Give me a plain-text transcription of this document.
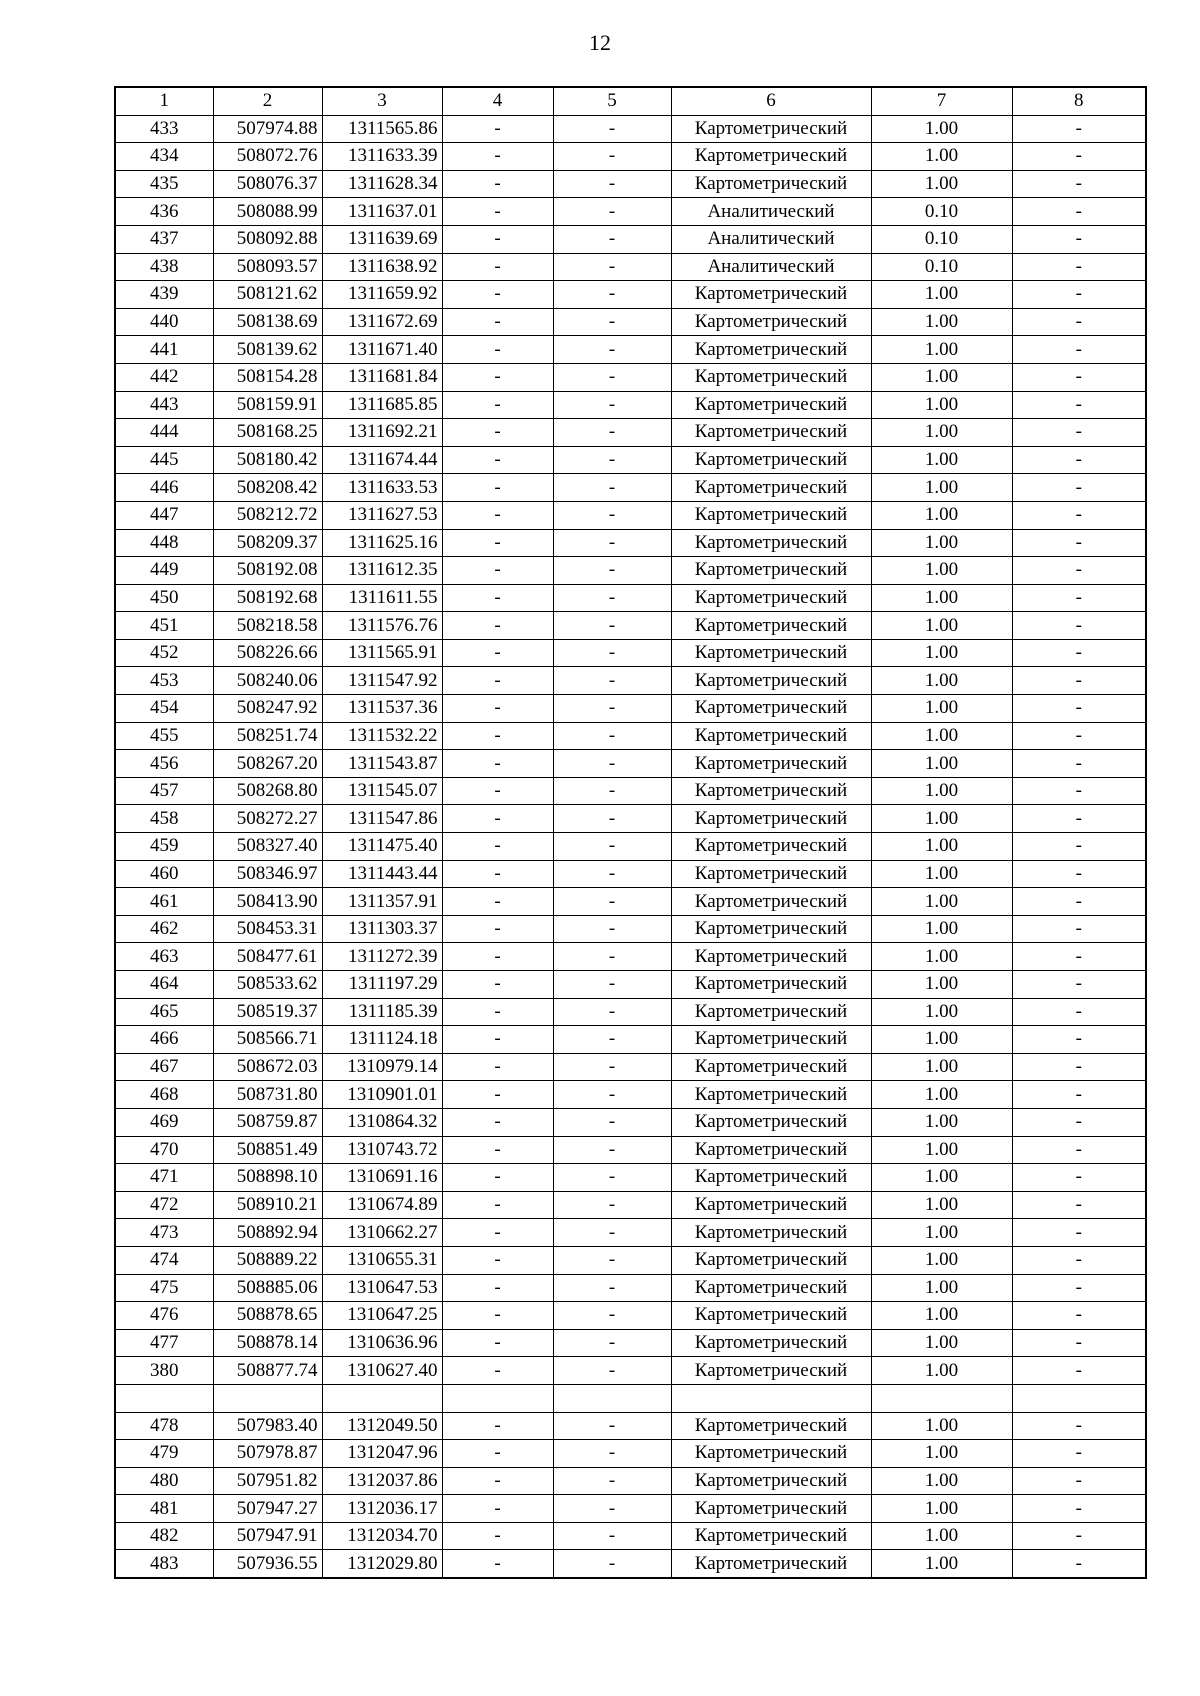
12
1	2	3	4	5	6	7	8
433	507974.88	1311565.86	-	-	Картометрический	1.00	-
434	508072.76	1311633.39	-	-	Картометрический	1.00	-
435	508076.37	1311628.34	-	-	Картометрический	1.00	-
436	508088.99	1311637.01	-	-	Аналитический	0.10	-
437	508092.88	1311639.69	-	-	Аналитический	0.10	-
438	508093.57	1311638.92	-	-	Аналитический	0.10	-
439	508121.62	1311659.92	-	-	Картометрический	1.00	-
440	508138.69	1311672.69	-	-	Картометрический	1.00	-
441	508139.62	1311671.40	-	-	Картометрический	1.00	-
442	508154.28	1311681.84	-	-	Картометрический	1.00	-
443	508159.91	1311685.85	-	-	Картометрический	1.00	-
444	508168.25	1311692.21	-	-	Картометрический	1.00	-
445	508180.42	1311674.44	-	-	Картометрический	1.00	-
446	508208.42	1311633.53	-	-	Картометрический	1.00	-
447	508212.72	1311627.53	-	-	Картометрический	1.00	-
448	508209.37	1311625.16	-	-	Картометрический	1.00	-
449	508192.08	1311612.35	-	-	Картометрический	1.00	-
450	508192.68	1311611.55	-	-	Картометрический	1.00	-
451	508218.58	1311576.76	-	-	Картометрический	1.00	-
452	508226.66	1311565.91	-	-	Картометрический	1.00	-
453	508240.06	1311547.92	-	-	Картометрический	1.00	-
454	508247.92	1311537.36	-	-	Картометрический	1.00	-
455	508251.74	1311532.22	-	-	Картометрический	1.00	-
456	508267.20	1311543.87	-	-	Картометрический	1.00	-
457	508268.80	1311545.07	-	-	Картометрический	1.00	-
458	508272.27	1311547.86	-	-	Картометрический	1.00	-
459	508327.40	1311475.40	-	-	Картометрический	1.00	-
460	508346.97	1311443.44	-	-	Картометрический	1.00	-
461	508413.90	1311357.91	-	-	Картометрический	1.00	-
462	508453.31	1311303.37	-	-	Картометрический	1.00	-
463	508477.61	1311272.39	-	-	Картометрический	1.00	-
464	508533.62	1311197.29	-	-	Картометрический	1.00	-
465	508519.37	1311185.39	-	-	Картометрический	1.00	-
466	508566.71	1311124.18	-	-	Картометрический	1.00	-
467	508672.03	1310979.14	-	-	Картометрический	1.00	-
468	508731.80	1310901.01	-	-	Картометрический	1.00	-
469	508759.87	1310864.32	-	-	Картометрический	1.00	-
470	508851.49	1310743.72	-	-	Картометрический	1.00	-
471	508898.10	1310691.16	-	-	Картометрический	1.00	-
472	508910.21	1310674.89	-	-	Картометрический	1.00	-
473	508892.94	1310662.27	-	-	Картометрический	1.00	-
474	508889.22	1310655.31	-	-	Картометрический	1.00	-
475	508885.06	1310647.53	-	-	Картометрический	1.00	-
476	508878.65	1310647.25	-	-	Картометрический	1.00	-
477	508878.14	1310636.96	-	-	Картометрический	1.00	-
380	508877.74	1310627.40	-	-	Картометрический	1.00	-

478	507983.40	1312049.50	-	-	Картометрический	1.00	-
479	507978.87	1312047.96	-	-	Картометрический	1.00	-
480	507951.82	1312037.86	-	-	Картометрический	1.00	-
481	507947.27	1312036.17	-	-	Картометрический	1.00	-
482	507947.91	1312034.70	-	-	Картометрический	1.00	-
483	507936.55	1312029.80	-	-	Картометрический	1.00	-
